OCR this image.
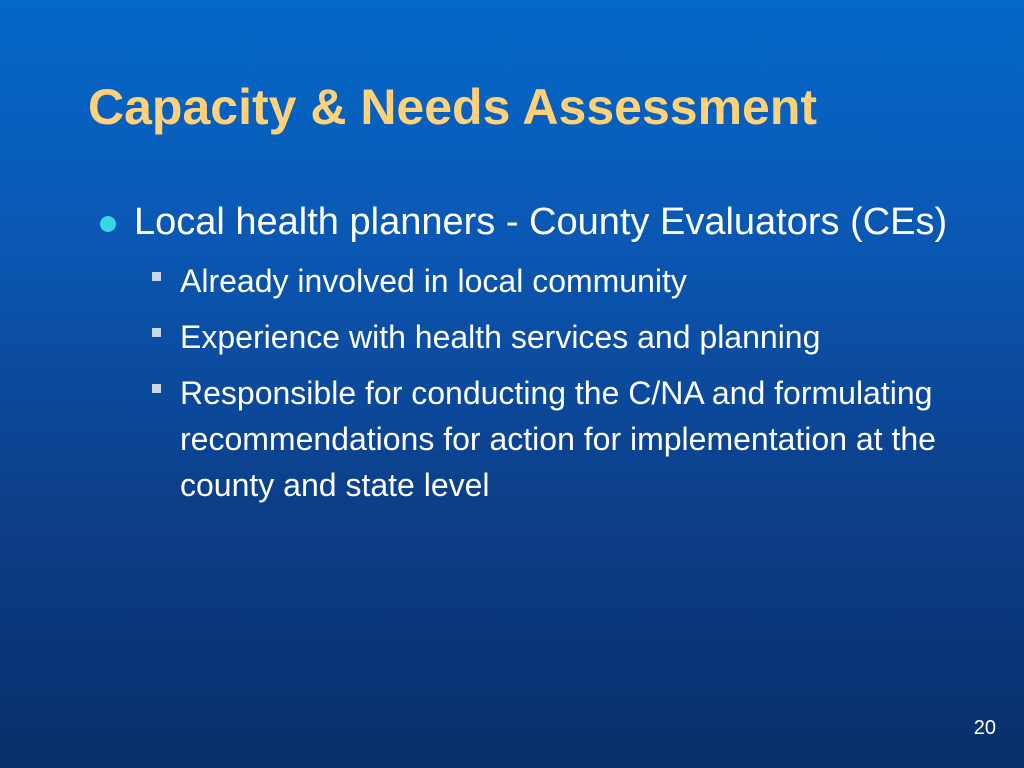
Capacity & Needs Assessment
Local health planners - County Evaluators (CEs)
Already involved in local community
Experience with health services and planning
Responsible for conducting the C/NA and formulating recommendations for action for implementation at the county and state level
20
